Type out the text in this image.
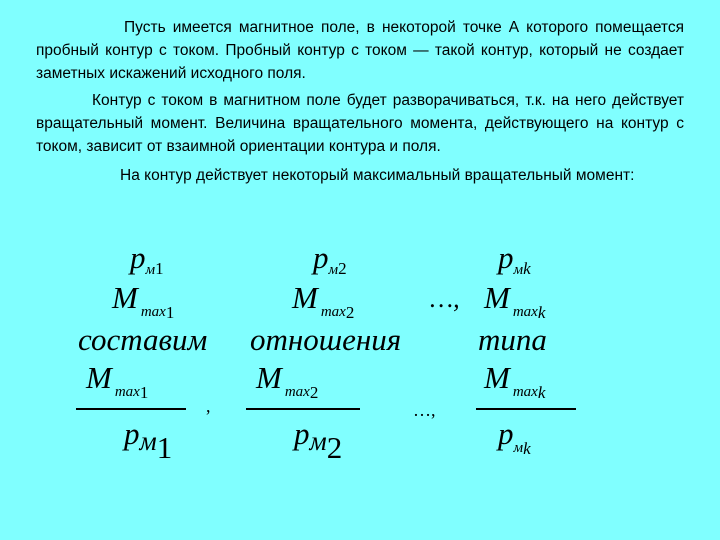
Пусть имеется магнитное поле, в некоторой точке А которого помещается пробный контур с током. Пробный контур с током — такой контур, который не создает заметных искажений исходного поля.

Контур с током в магнитном поле будет разворачиваться, т.к. на него действует вращательный момент. Величина вращательного момента, действующего на контур с током, зависит от взаимной ориентации контура и поля.

На контур действует некоторый максимальный вращательный момент:

pм1	pм2	pмk
Mmax1	Mmax2	…, Mmaxk
составим отношения типа
Mmax1	Mmax2	Mmaxk
,	…,
pм1	pм2	pмk
